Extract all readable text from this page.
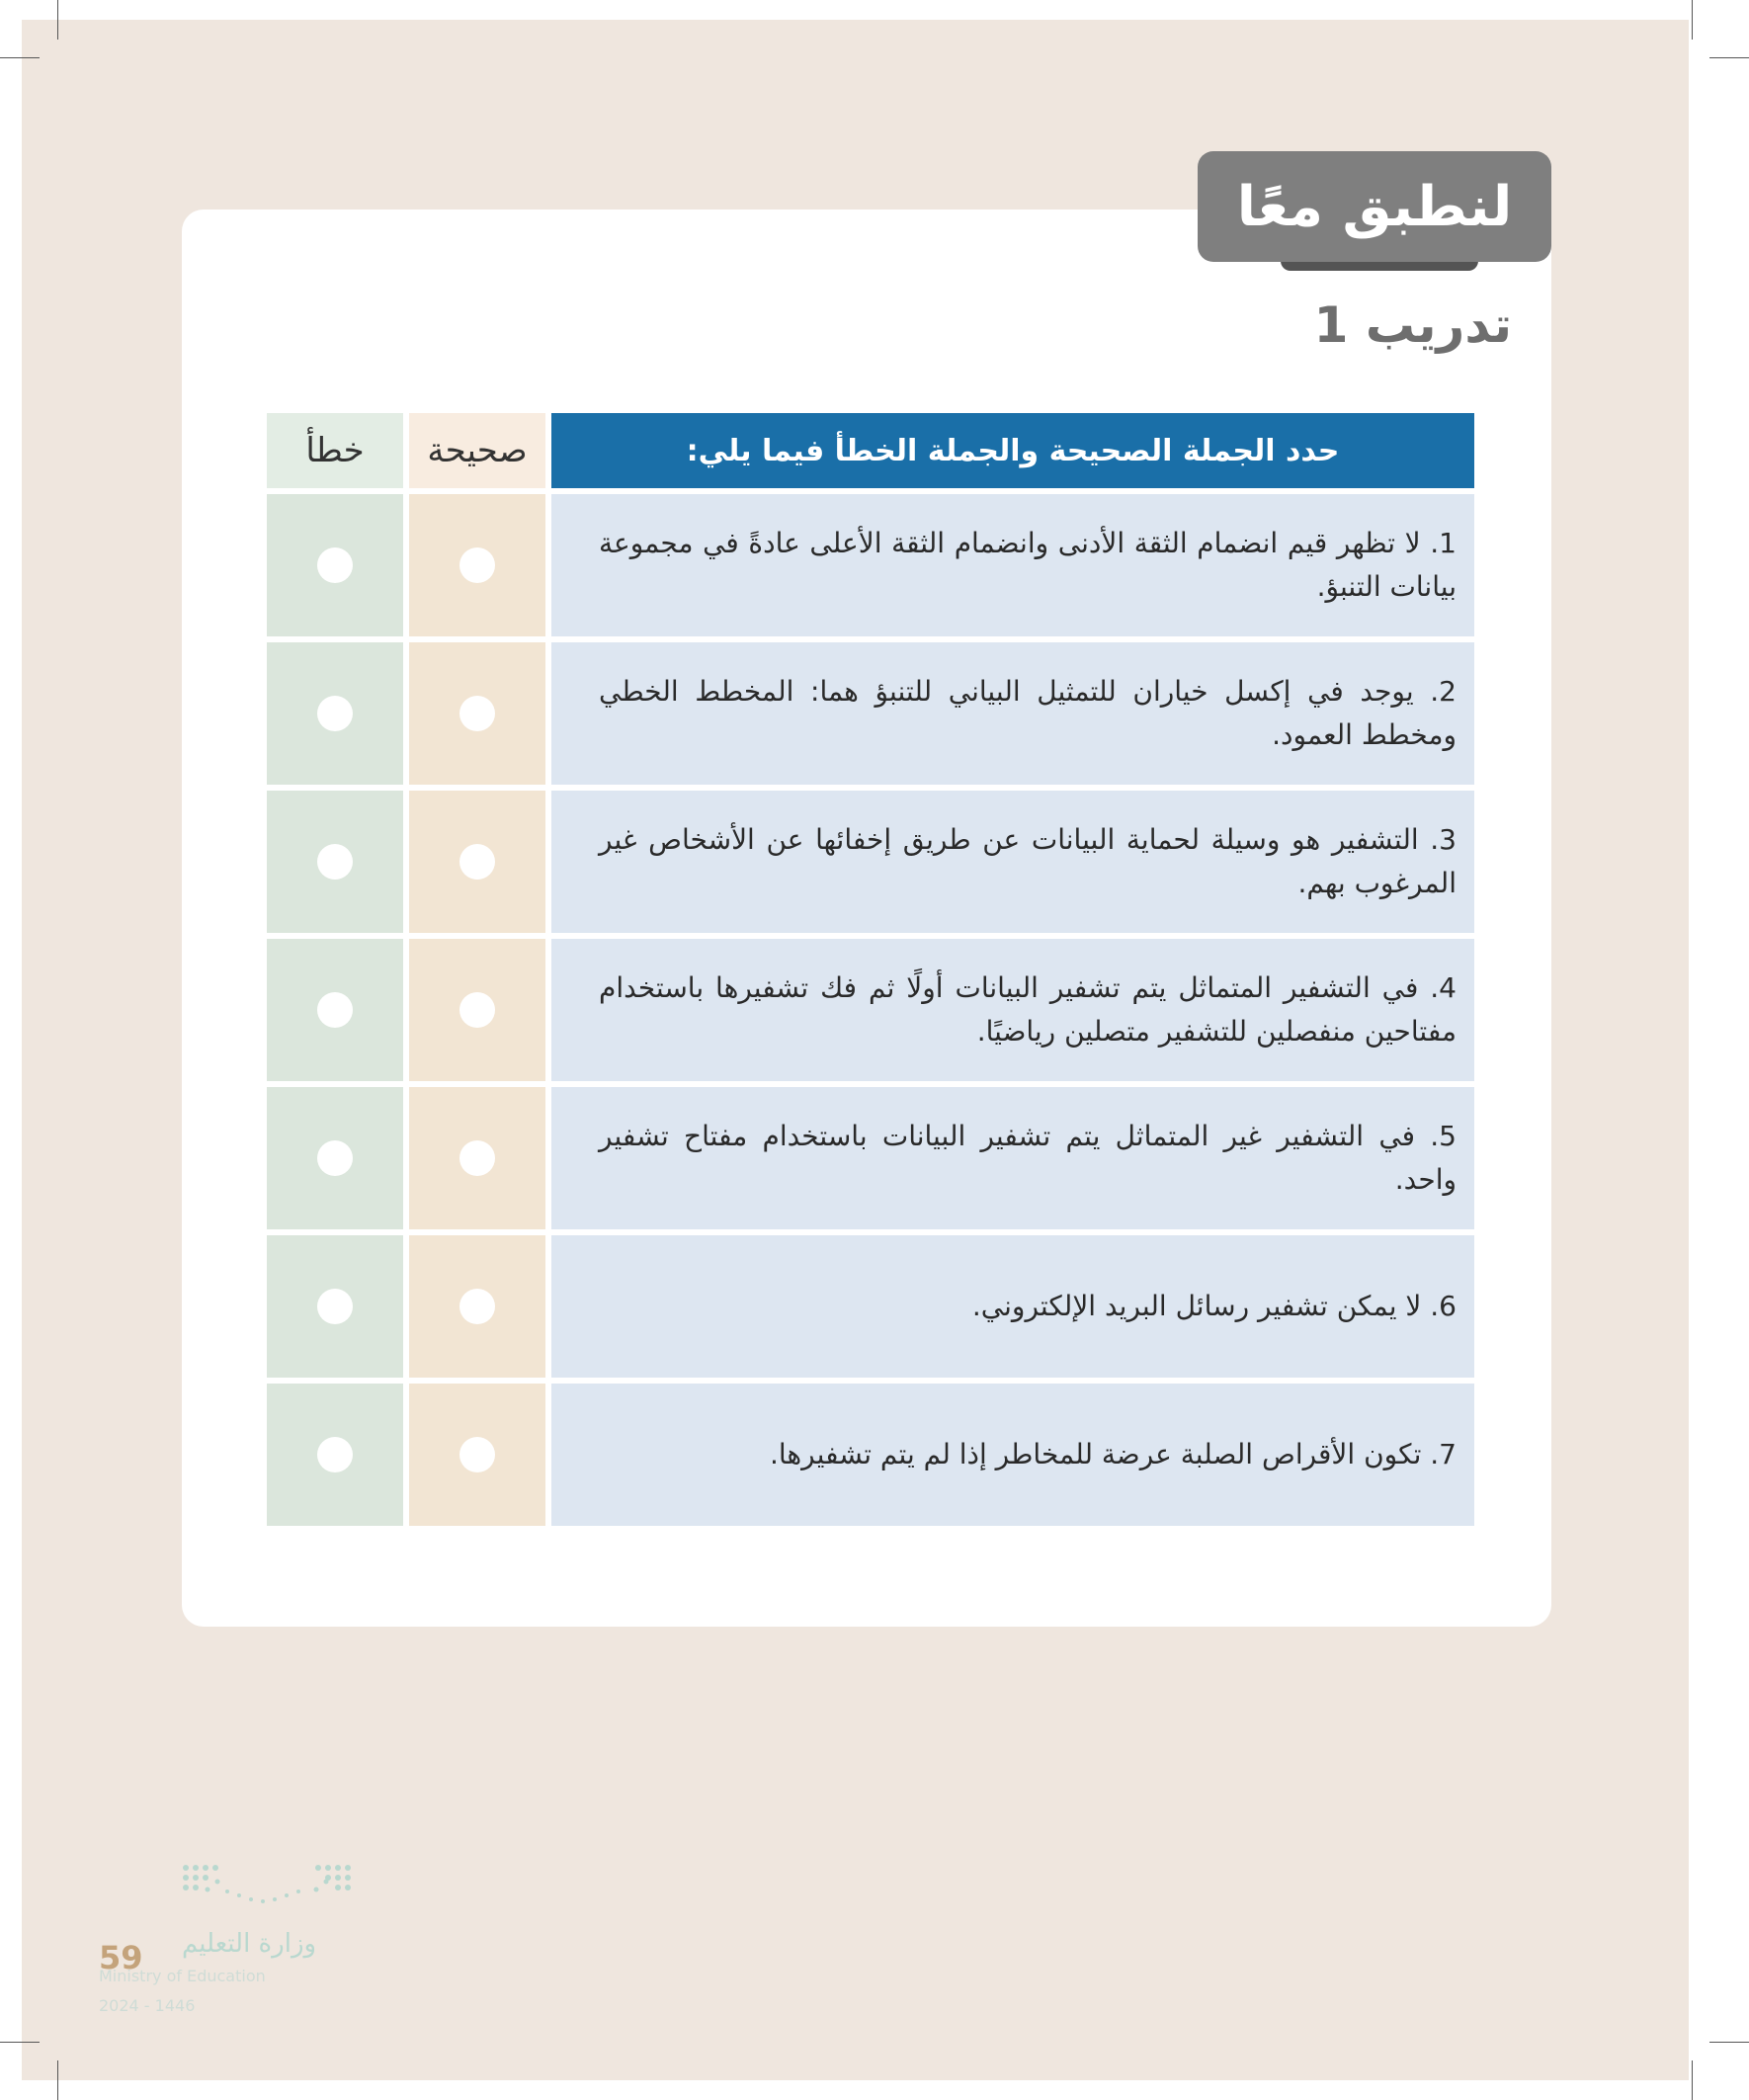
لنطبق معًا
تدريب 1
خطأ	صحيحة	حدد الجملة الصحيحة والجملة الخطأ فيما يلي:
1. لا تظهر قيم انضمام الثقة الأدنى وانضمام الثقة الأعلى عادةً في مجموعة بيانات التنبؤ.
2. يوجد في إكسل خياران للتمثيل البياني للتنبؤ هما: المخطط الخطي ومخطط العمود.
3. التشفير هو وسيلة لحماية البيانات عن طريق إخفائها عن الأشخاص غير المرغوب بهم.
4. في التشفير المتماثل يتم تشفير البيانات أولًا ثم فك تشفيرها باستخدام مفتاحين منفصلين للتشفير متصلين رياضيًا.
5. في التشفير غير المتماثل يتم تشفير البيانات باستخدام مفتاح تشفير واحد.
6. لا يمكن تشفير رسائل البريد الإلكتروني.
7. تكون الأقراص الصلبة عرضة للمخاطر إذا لم يتم تشفيرها.
وزارة التعليم
Ministry of Education
2024 - 1446
59
